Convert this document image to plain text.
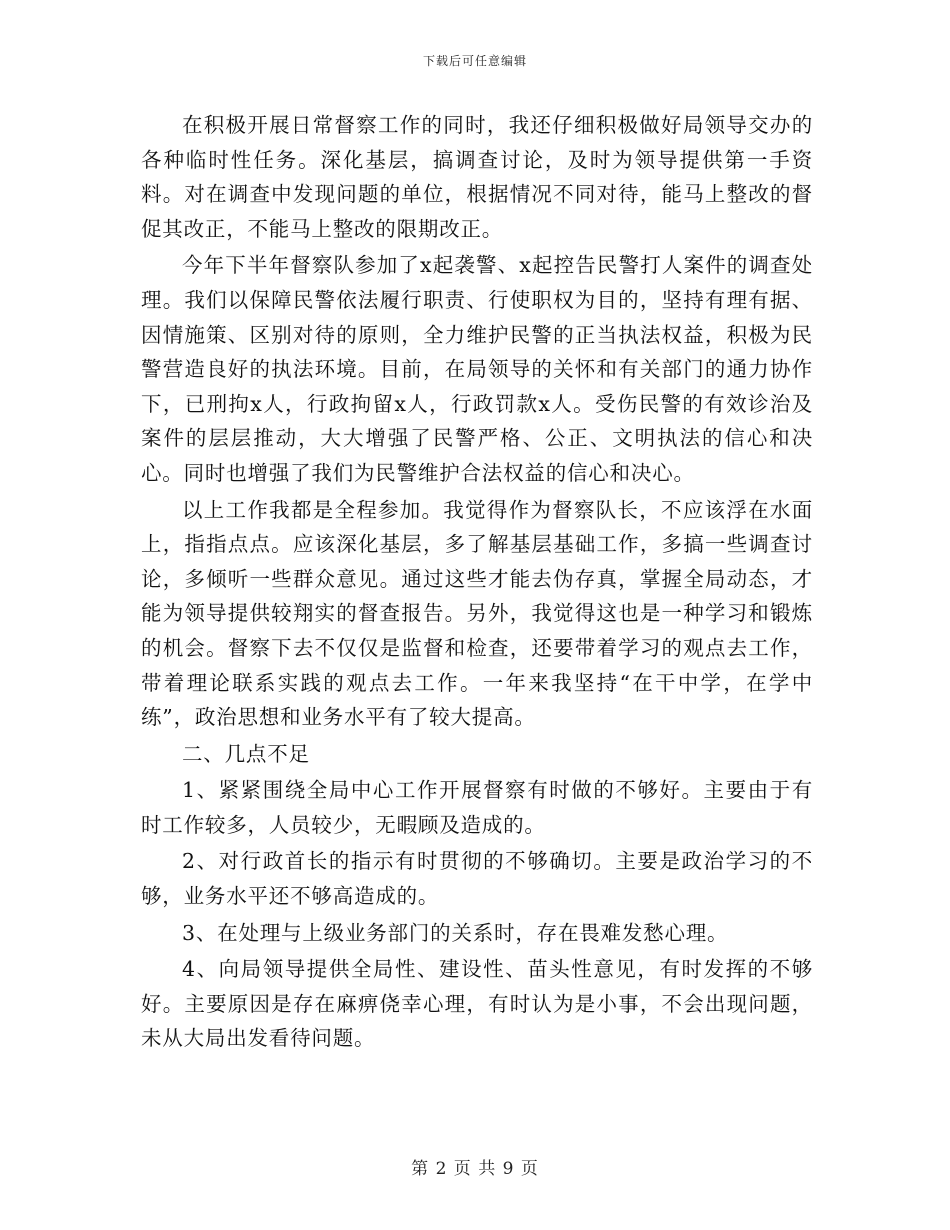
下载后可任意编辑

在积极开展日常督察工作的同时，我还仔细积极做好局领导交办的各种临时性任务。深化基层，搞调查讨论，及时为领导提供第一手资料。对在调查中发现问题的单位，根据情况不同对待，能马上整改的督促其改正，不能马上整改的限期改正。

今年下半年督察队参加了x起袭警、x起控告民警打人案件的调查处理。我们以保障民警依法履行职责、行使职权为目的，坚持有理有据、因情施策、区别对待的原则，全力维护民警的正当执法权益，积极为民警营造良好的执法环境。目前，在局领导的关怀和有关部门的通力协作下，已刑拘x人，行政拘留x人，行政罚款x人。受伤民警的有效诊治及案件的层层推动，大大增强了民警严格、公正、文明执法的信心和决心。同时也增强了我们为民警维护合法权益的信心和决心。

以上工作我都是全程参加。我觉得作为督察队长，不应该浮在水面上，指指点点。应该深化基层，多了解基层基础工作，多搞一些调查讨论，多倾听一些群众意见。通过这些才能去伪存真，掌握全局动态，才能为领导提供较翔实的督查报告。另外，我觉得这也是一种学习和锻炼的机会。督察下去不仅仅是监督和检查，还要带着学习的观点去工作，带着理论联系实践的观点去工作。一年来我坚持“在干中学，在学中练”，政治思想和业务水平有了较大提高。

二、几点不足

1、紧紧围绕全局中心工作开展督察有时做的不够好。主要由于有时工作较多，人员较少，无暇顾及造成的。

2、对行政首长的指示有时贯彻的不够确切。主要是政治学习的不够，业务水平还不够高造成的。

3、在处理与上级业务部门的关系时，存在畏难发愁心理。

4、向局领导提供全局性、建设性、苗头性意见，有时发挥的不够好。主要原因是存在麻痹侥幸心理，有时认为是小事，不会出现问题，未从大局出发看待问题。

第 2 页 共 9 页
